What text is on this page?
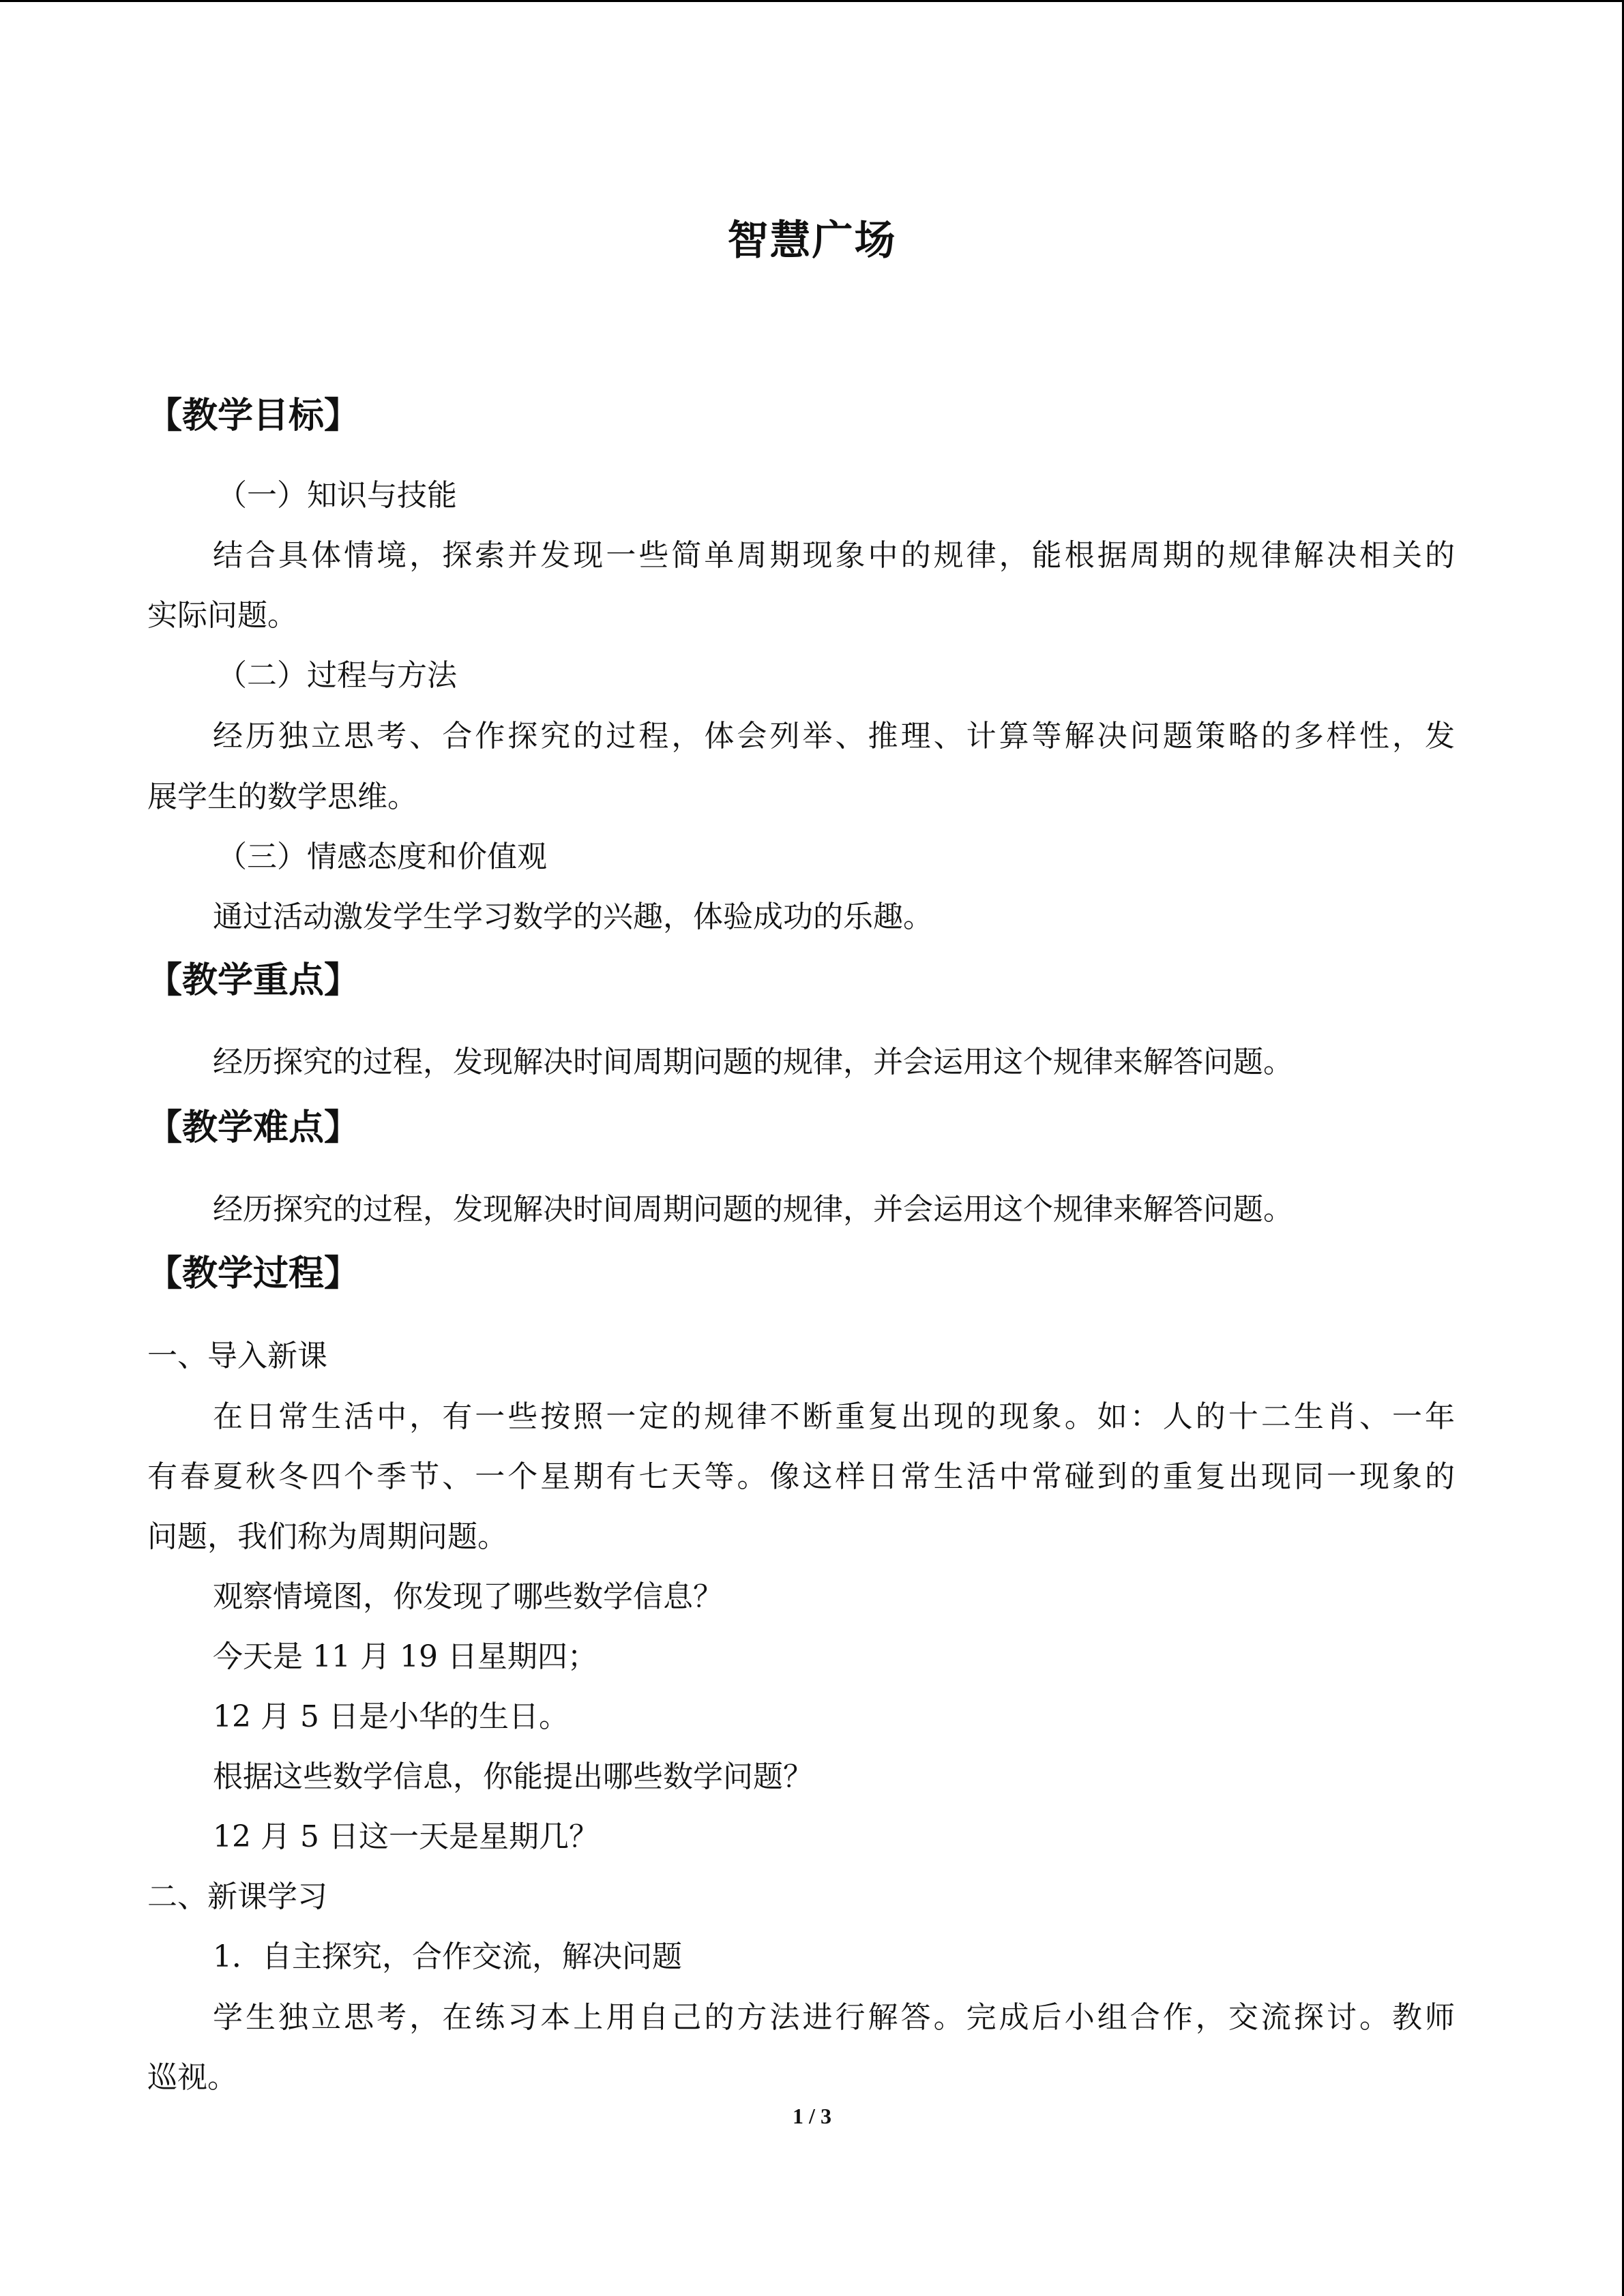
智慧广场

【教学目标】

（一）知识与技能

结合具体情境，探索并发现一些简单周期现象中的规律，能根据周期的规律解决相关的

实际问题。

（二）过程与方法

经历独立思考、合作探究的过程，体会列举、推理、计算等解决问题策略的多样性，发

展学生的数学思维。

（三）情感态度和价值观

通过活动激发学生学习数学的兴趣，体验成功的乐趣。

【教学重点】

经历探究的过程，发现解决时间周期问题的规律，并会运用这个规律来解答问题。

【教学难点】

经历探究的过程，发现解决时间周期问题的规律，并会运用这个规律来解答问题。

【教学过程】

一、导入新课

在日常生活中，有一些按照一定的规律不断重复出现的现象。如：人的十二生肖、一年

有春夏秋冬四个季节、一个星期有七天等。像这样日常生活中常碰到的重复出现同一现象的

问题，我们称为周期问题。

观察情境图，你发现了哪些数学信息？

今天是 11 月 19 日星期四；

12 月 5 日是小华的生日。

根据这些数学信息，你能提出哪些数学问题？

12 月 5 日这一天是星期几？

二、新课学习

1．自主探究，合作交流，解决问题

学生独立思考，在练习本上用自己的方法进行解答。完成后小组合作，交流探讨。教师

巡视。

1 / 3
